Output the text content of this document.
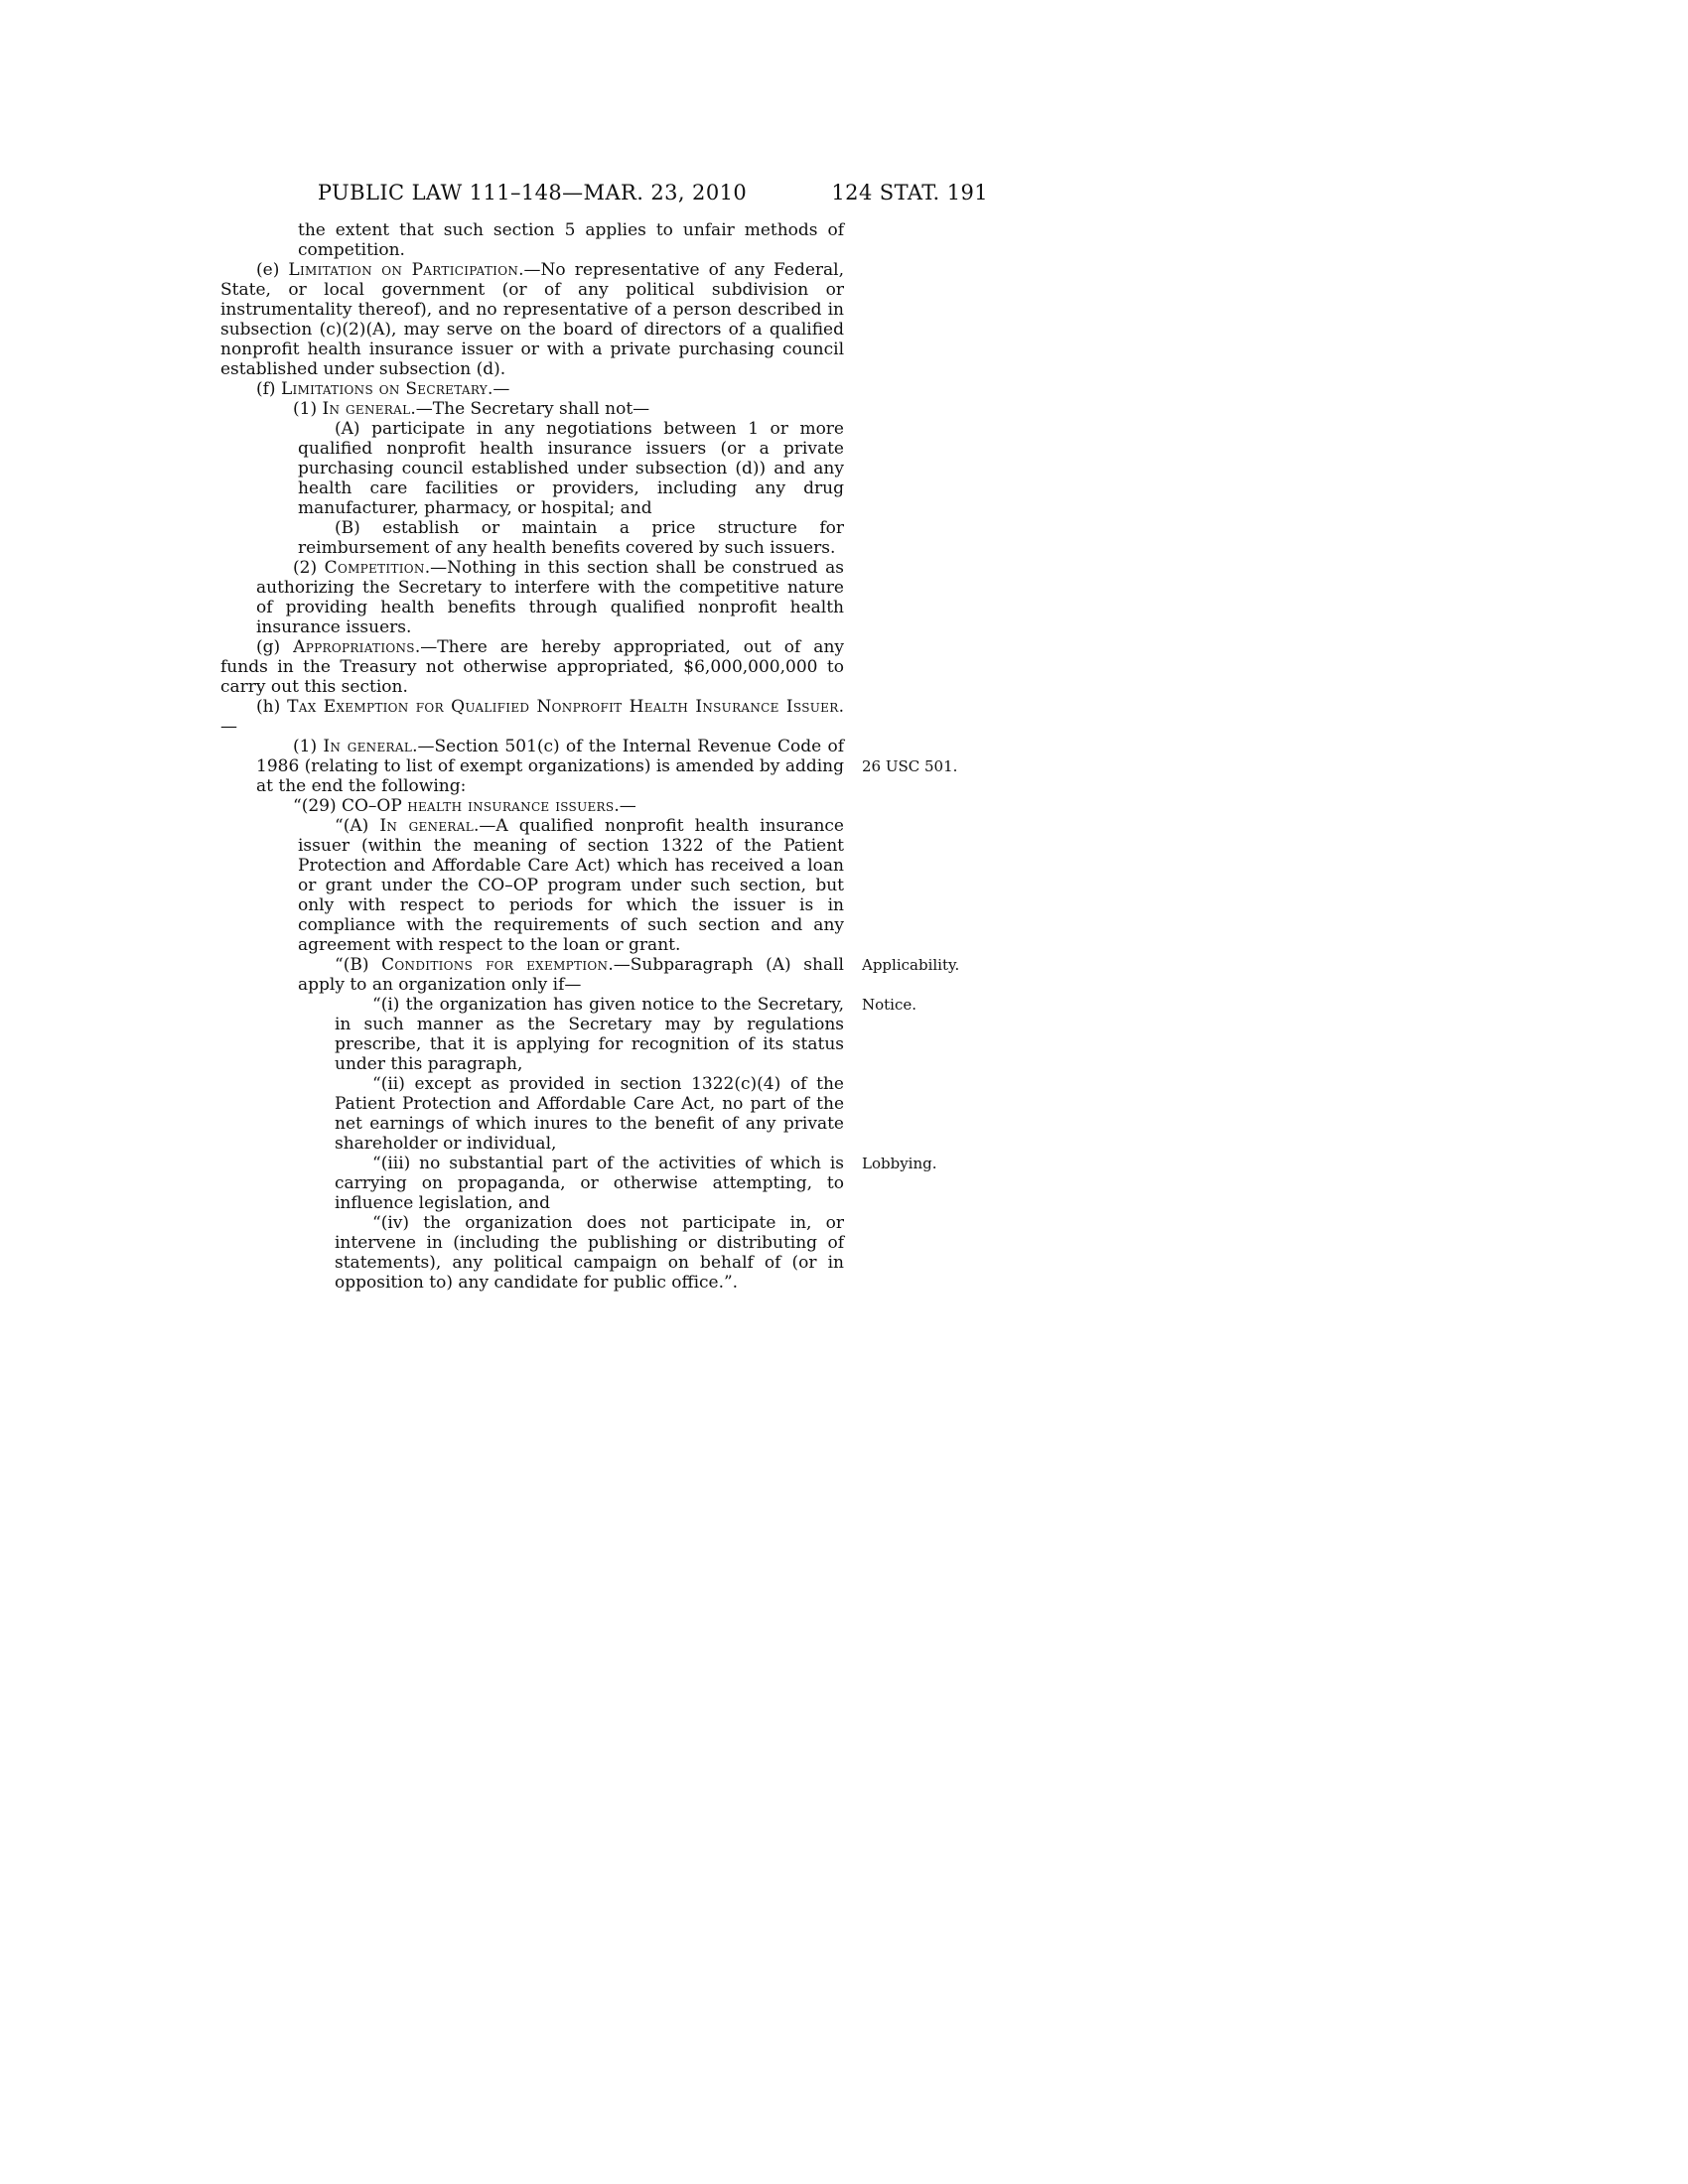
PUBLIC LAW 111–148—MAR. 23, 2010	124 STAT. 191

the extent that such section 5 applies to unfair methods of competition.

(e) Limitation on Participation.—No representative of any Federal, State, or local government (or of any political subdivision or instrumentality thereof), and no representative of a person described in subsection (c)(2)(A), may serve on the board of directors of a qualified nonprofit health insurance issuer or with a private purchasing council established under subsection (d).

(f) Limitations on Secretary.—

(1) In general.—The Secretary shall not—

(A) participate in any negotiations between 1 or more qualified nonprofit health insurance issuers (or a private purchasing council established under subsection (d)) and any health care facilities or providers, including any drug manufacturer, pharmacy, or hospital; and

(B) establish or maintain a price structure for reimbursement of any health benefits covered by such issuers.

(2) Competition.—Nothing in this section shall be construed as authorizing the Secretary to interfere with the competitive nature of providing health benefits through qualified nonprofit health insurance issuers.

(g) Appropriations.—There are hereby appropriated, out of any funds in the Treasury not otherwise appropriated, $6,000,000,000 to carry out this section.

(h) Tax Exemption for Qualified Nonprofit Health Insurance Issuer.—

(1) In general.—Section 501(c) of the Internal Revenue Code of 1986 (relating to list of exempt organizations) is amended by adding at the end the following:

“(29) CO–OP health insurance issuers.—

“(A) In general.—A qualified nonprofit health insurance issuer (within the meaning of section 1322 of the Patient Protection and Affordable Care Act) which has received a loan or grant under the CO–OP program under such section, but only with respect to periods for which the issuer is in compliance with the requirements of such section and any agreement with respect to the loan or grant.

“(B) Conditions for exemption.—Subparagraph (A) shall apply to an organization only if—

“(i) the organization has given notice to the Secretary, in such manner as the Secretary may by regulations prescribe, that it is applying for recognition of its status under this paragraph,

“(ii) except as provided in section 1322(c)(4) of the Patient Protection and Affordable Care Act, no part of the net earnings of which inures to the benefit of any private shareholder or individual,

“(iii) no substantial part of the activities of which is carrying on propaganda, or otherwise attempting, to influence legislation, and

“(iv) the organization does not participate in, or intervene in (including the publishing or distributing of statements), any political campaign on behalf of (or in opposition to) any candidate for public office.”.

26 USC 501.
Applicability.
Notice.
Lobbying.
